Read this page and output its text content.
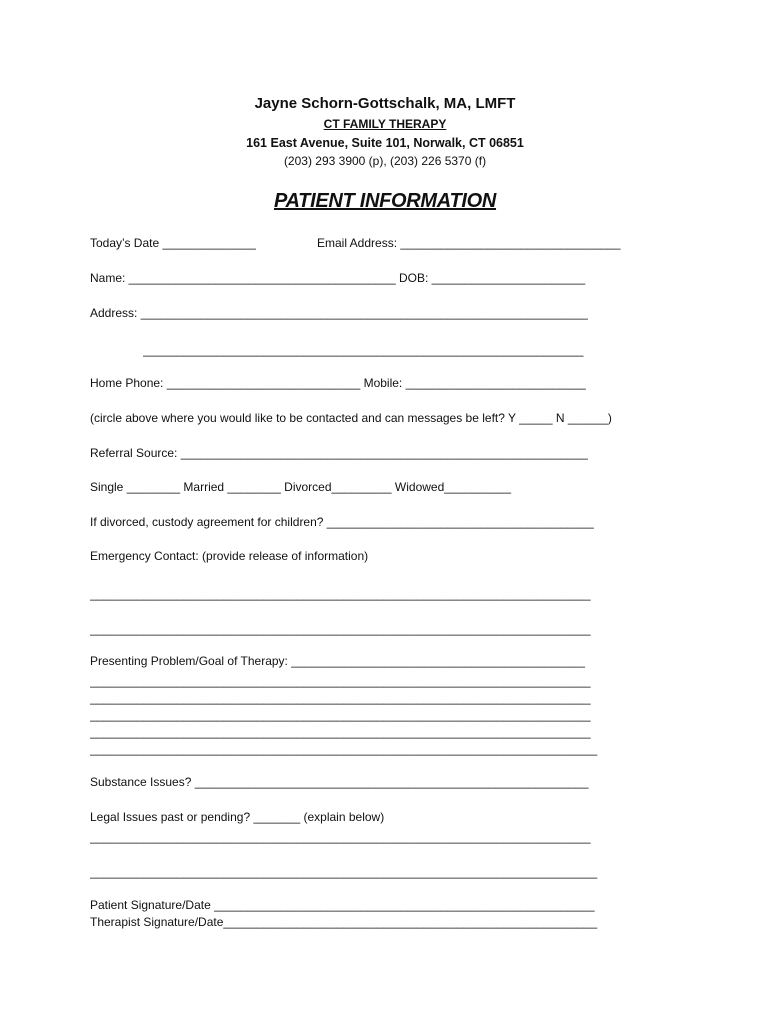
Jayne Schorn-Gottschalk, MA, LMFT
CT FAMILY THERAPY
161 East Avenue, Suite 101, Norwalk, CT 06851
(203) 293 3900 (p), (203) 226 5370 (f)
PATIENT INFORMATION
Today’s Date ______________	Email Address: _________________________________
Name: ________________________________________ DOB: _______________________
Address: ___________________________________________________________________
__________________________________________________________________
Home Phone: _____________________________ Mobile: ___________________________
(circle above where you would like to be contacted and can messages be left? Y _____ N ______)
Referral Source: _____________________________________________________________
Single ________ Married ________ Divorced_________ Widowed__________
If divorced, custody agreement for children? ________________________________________
Emergency Contact: (provide release of information)
___________________________________________________________________________
___________________________________________________________________________
Presenting Problem/Goal of Therapy: ____________________________________________
___________________________________________________________________________
___________________________________________________________________________
___________________________________________________________________________
___________________________________________________________________________
____________________________________________________________________________
Substance Issues? ___________________________________________________________
Legal Issues past or pending? _______ (explain below)
___________________________________________________________________________
____________________________________________________________________________
Patient Signature/Date _________________________________________________________
Therapist Signature/Date________________________________________________________
